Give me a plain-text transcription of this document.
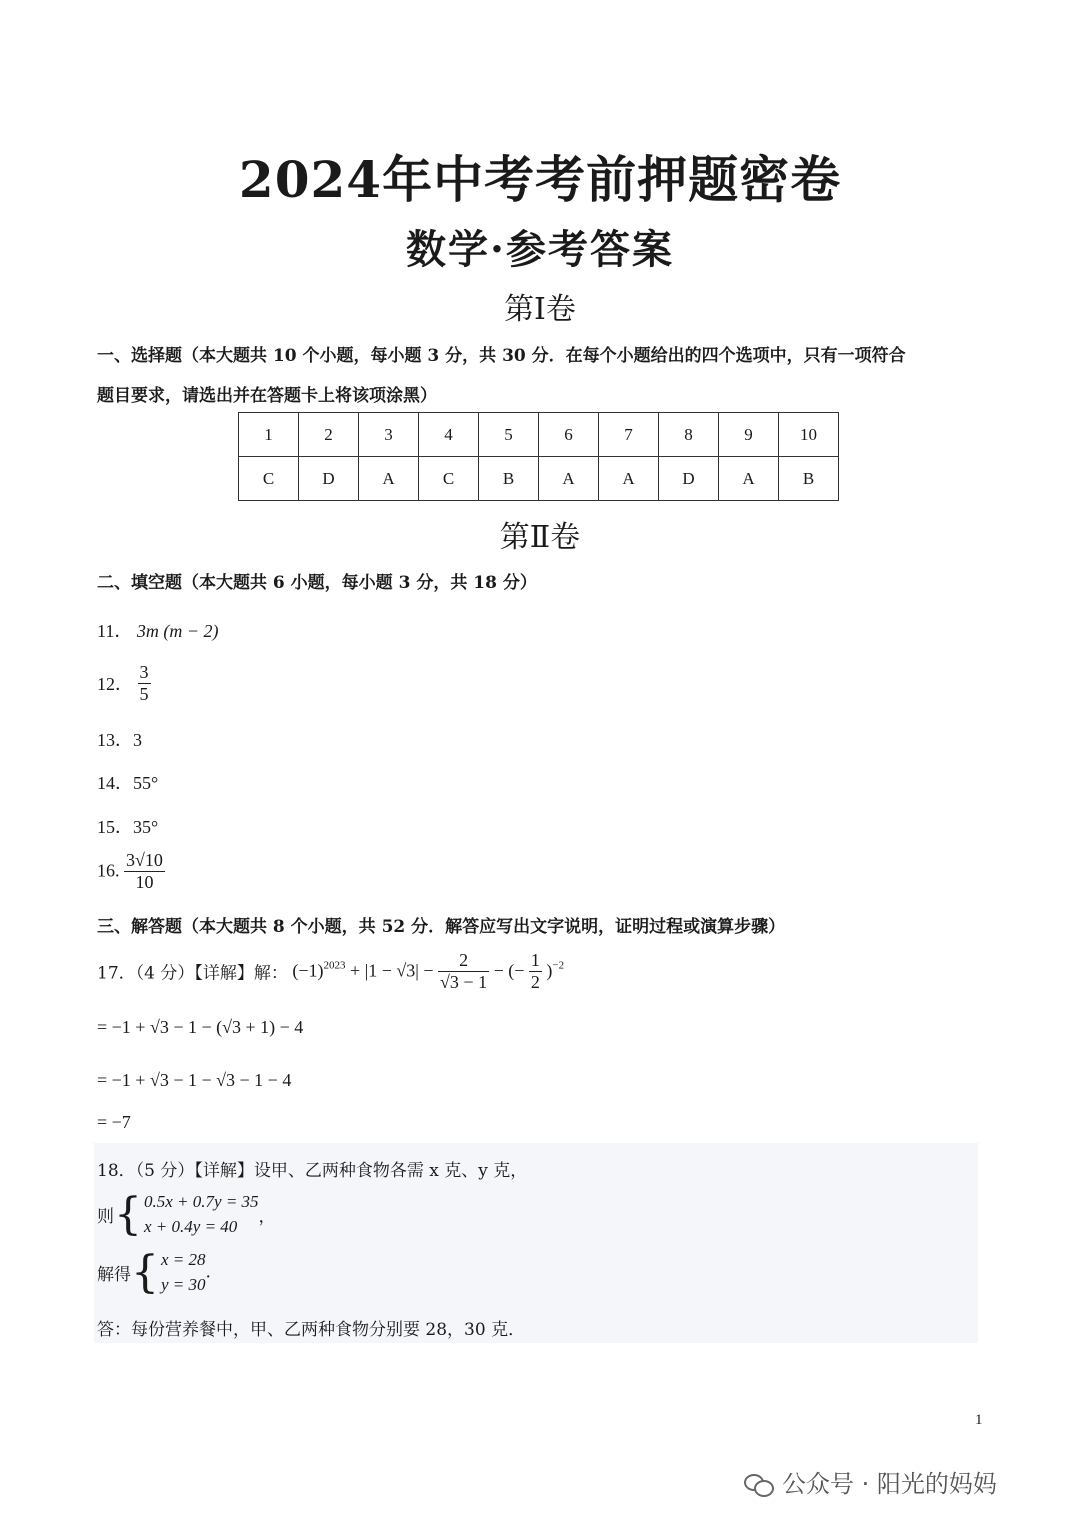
2024年中考考前押题密卷
数学·参考答案
第Ⅰ卷
一、选择题（本大题共 10 个小题，每小题 3 分，共 30 分．在每个小题给出的四个选项中，只有一项符合
题目要求，请选出并在答题卡上将该项涂黑）
1	2	3	4	5	6	7	8	9	10
C	D	A	C	B	A	A	D	A	B
第Ⅱ卷
二、填空题（本大题共 6 小题，每小题 3 分，共 18 分）
11． 3m (m − 2)
12． $\frac{3}{5}$
13．3
14．55°
15．35°
16. $\frac{3√10}{10}$
三、解答题（本大题共 8 个小题，共 52 分．解答应写出文字说明，证明过程或演算步骤）
17．（4 分）【详解】解： $(-1)^{2023} + |1 - √3| - \frac{2}{√3 - 1}$ − (− $\frac{1}{2} )^{-2}$
= −1 + √3 − 1 − (√3 + 1) − 4
= −1 + √3 − 1 − √3 − 1 − 4
= −7
18．（5 分）【详解】设甲、乙两种食物各需 x 克、y 克，
则{ 0.5x + 0.7y = 35
x + 0.4y = 40	，
解得{ x = 28
y = 30
.
答：每份营养餐中，甲、乙两种食物分别要 28，30 克．
1
公众号 · 阳光的妈妈
